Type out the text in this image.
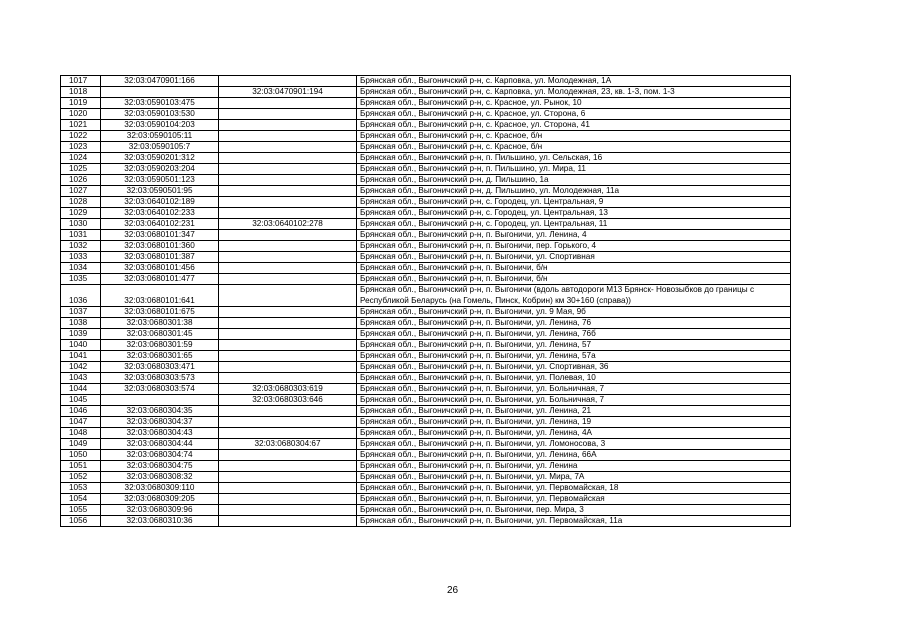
1017	32:03:0470901:166		Брянская обл., Выгоничский р-н, с. Карповка, ул. Молодежная, 1А
1018		32:03:0470901:194	Брянская обл., Выгоничский р-н, с. Карповка, ул. Молодежная, 23, кв. 1-3, пом. 1-3
1019	32:03:0590103:475		Брянская обл., Выгоничский р-н, с. Красное, ул. Рынок, 10
1020	32:03:0590103:530		Брянская обл., Выгоничский р-н, с. Красное, ул. Сторона, 6
1021	32:03:0590104:203		Брянская обл., Выгоничский р-н, с. Красное, ул. Сторона, 41
1022	32:03:0590105:11		Брянская обл., Выгоничский р-н, с. Красное, б/н
1023	32:03:0590105:7		Брянская обл., Выгоничский р-н, с. Красное, б/н
1024	32:03:0590201:312		Брянская обл., Выгоничский р-н, п. Пильшино, ул. Сельская, 16
1025	32:03:0590203:204		Брянская обл., Выгоничский р-н, п. Пильшино, ул. Мира, 11
1026	32:03:0590501:123		Брянская обл., Выгоничский р-н, д. Пильшино, 1а
1027	32:03:0590501:95		Брянская обл., Выгоничский р-н, д. Пильшино, ул. Молодежная, 11а
1028	32:03:0640102:189		Брянская обл., Выгоничский р-н, с. Городец, ул. Центральная, 9
1029	32:03:0640102:233		Брянская обл., Выгоничский р-н, с. Городец, ул. Центральная, 13
1030	32:03:0640102:231	32:03:0640102:278	Брянская обл., Выгоничский р-н, с. Городец, ул. Центральная, 11
1031	32:03:0680101:347		Брянская обл., Выгоничский р-н, п. Выгоничи, ул. Ленина, 4
1032	32:03:0680101:360		Брянская обл., Выгоничский р-н, п. Выгоничи, пер. Горького, 4
1033	32:03:0680101:387		Брянская обл., Выгоничский р-н, п. Выгоничи, ул. Спортивная
1034	32:03:0680101:456		Брянская обл., Выгоничский р-н, п. Выгоничи, б/н
1035	32:03:0680101:477		Брянская обл., Выгоничский р-н, п. Выгоничи, б/н
1036	32:03:0680101:641		Брянская обл., Выгоничский р-н, п. Выгоничи (вдоль автодороги М13 Брянск- Новозыбков до границы с Республикой Беларусь (на Гомель, Пинск, Кобрин) км 30+160 (справа))
1037	32:03:0680101:675		Брянская обл., Выгоничский р-н, п. Выгоничи, ул. 9 Мая, 9б
1038	32:03:0680301:38		Брянская обл., Выгоничский р-н, п. Выгоничи, ул. Ленина, 76
1039	32:03:0680301:45		Брянская обл., Выгоничский р-н, п. Выгоничи, ул. Ленина, 76б
1040	32:03:0680301:59		Брянская обл., Выгоничский р-н, п. Выгоничи, ул. Ленина, 57
1041	32:03:0680301:65		Брянская обл., Выгоничский р-н, п. Выгоничи, ул. Ленина, 57а
1042	32:03:0680303:471		Брянская обл., Выгоничский р-н, п. Выгоничи, ул. Спортивная, 36
1043	32:03:0680303:573		Брянская обл., Выгоничский р-н, п. Выгоничи, ул. Полевая, 10
1044	32:03:0680303:574	32:03:0680303:619	Брянская обл., Выгоничский р-н, п. Выгоничи, ул. Больничная, 7
1045		32:03:0680303:646	Брянская обл., Выгоничский р-н, п. Выгоничи, ул. Больничная, 7
1046	32:03:0680304:35		Брянская обл., Выгоничский р-н, п. Выгоничи, ул. Ленина, 21
1047	32:03:0680304:37		Брянская обл., Выгоничский р-н, п. Выгоничи, ул. Ленина, 19
1048	32:03:0680304:43		Брянская обл., Выгоничский р-н, п. Выгоничи, ул. Ленина, 4А
1049	32:03:0680304:44	32:03:0680304:67	Брянская обл., Выгоничский р-н, п. Выгоничи, ул. Ломоносова, 3
1050	32:03:0680304:74		Брянская обл., Выгоничский р-н, п. Выгоничи, ул. Ленина, 66А
1051	32:03:0680304:75		Брянская обл., Выгоничский р-н, п. Выгоничи, ул. Ленина
1052	32:03:0680308:32		Брянская обл., Выгоничский р-н, п. Выгоничи, ул. Мира, 7А
1053	32:03:0680309:110		Брянская обл., Выгоничский р-н, п. Выгоничи, ул. Первомайская, 18
1054	32:03:0680309:205		Брянская обл., Выгоничский р-н, п. Выгоничи, ул. Первомайская
1055	32:03:0680309:96		Брянская обл., Выгоничский р-н, п. Выгоничи, пер. Мира, 3
1056	32:03:0680310:36		Брянская обл., Выгоничский р-н, п. Выгоничи, ул. Первомайская, 11а
26
